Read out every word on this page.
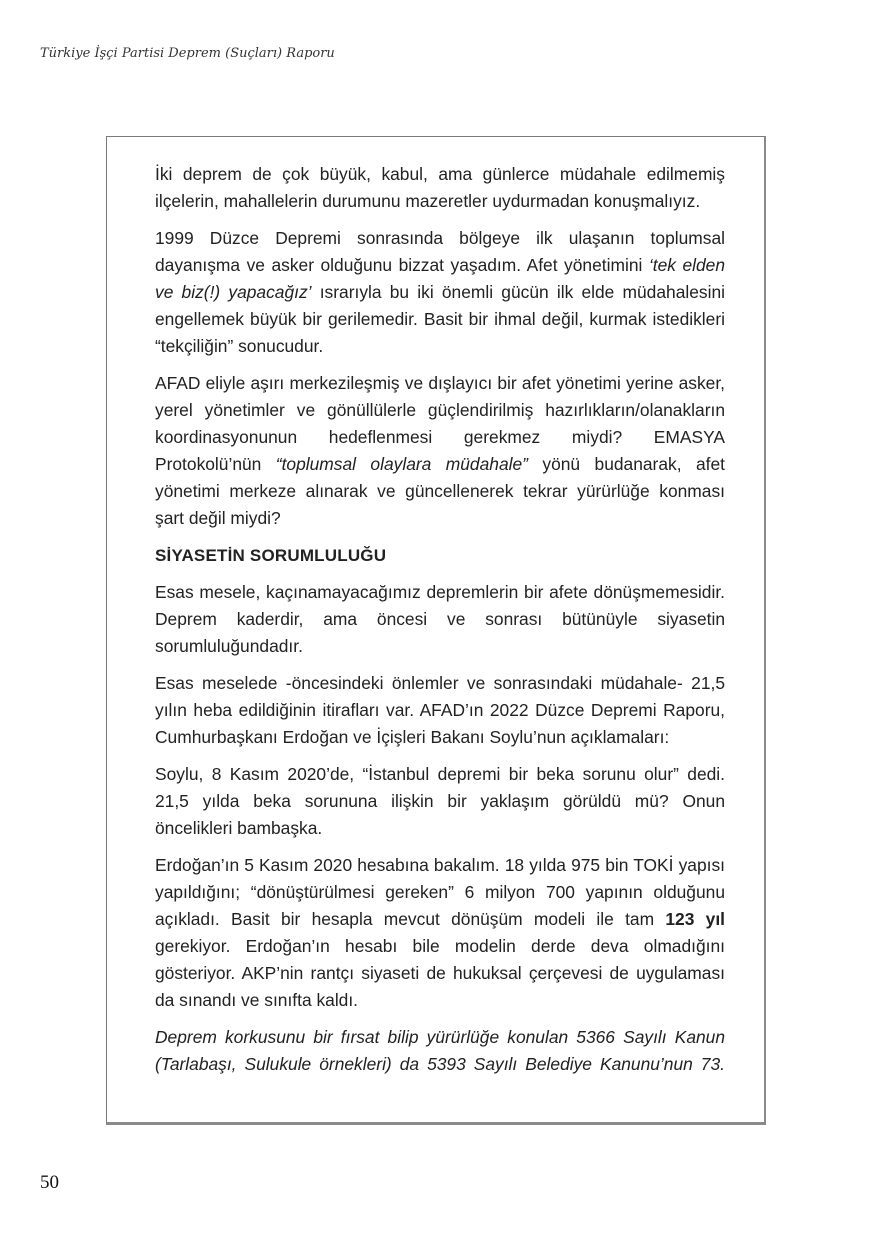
Türkiye İşçi Partisi Deprem (Suçları) Raporu

İki deprem de çok büyük, kabul, ama günlerce müdahale edilmemiş ilçelerin, mahallelerin durumunu mazeretler uydurmadan konuşmalıyız.

1999 Düzce Depremi sonrasında bölgeye ilk ulaşanın toplumsal dayanışma ve asker olduğunu bizzat yaşadım. Afet yönetimini ‘tek elden ve biz(!) yapacağız’ ısrarıyla bu iki önemli gücün ilk elde müdahalesini engellemek büyük bir gerilemedir. Basit bir ihmal değil, kurmak istedikleri “tekçiliğin” sonucudur.

AFAD eliyle aşırı merkezileşmiş ve dışlayıcı bir afet yönetimi yerine asker, yerel yönetimler ve gönüllülerle güçlendirilmiş hazırlıkların/olanakların koordinasyonunun hedeflenmesi gerekmez miydi? EMASYA Protokolü’nün “toplumsal olaylara müdahale” yönü budanarak, afet yönetimi merkeze alınarak ve güncellenerek tekrar yürürlüğe konması şart değil miydi?

SİYASETİN SORUMLULUĞU

Esas mesele, kaçınamayacağımız depremlerin bir afete dönüşmemesidir. Deprem kaderdir, ama öncesi ve sonrası bütünüyle siyasetin sorumluluğundadır.

Esas meselede -öncesindeki önlemler ve sonrasındaki müdahale- 21,5 yılın heba edildiğinin itirafları var. AFAD’ın 2022 Düzce Depremi Raporu, Cumhurbaşkanı Erdoğan ve İçişleri Bakanı Soylu’nun açıklamaları:

Soylu, 8 Kasım 2020’de, “İstanbul depremi bir beka sorunu olur” dedi. 21,5 yılda beka sorununa ilişkin bir yaklaşım görüldü mü? Onun öncelikleri bambaşka.

Erdoğan’ın 5 Kasım 2020 hesabına bakalım. 18 yılda 975 bin TOKİ yapısı yapıldığını; “dönüştürülmesi gereken” 6 milyon 700 yapının olduğunu açıkladı. Basit bir hesapla mevcut dönüşüm modeli ile tam 123 yıl gerekiyor. Erdoğan’ın hesabı bile modelin derde deva olmadığını gösteriyor. AKP’nin rantçı siyaseti de hukuksal çerçevesi de uygulaması da sınandı ve sınıfta kaldı.

Deprem korkusunu bir fırsat bilip yürürlüğe konulan 5366 Sayılı Kanun (Tarlabaşı, Sulukule örnekleri) da 5393 Sayılı Belediye Kanunu’nun 73.

50
